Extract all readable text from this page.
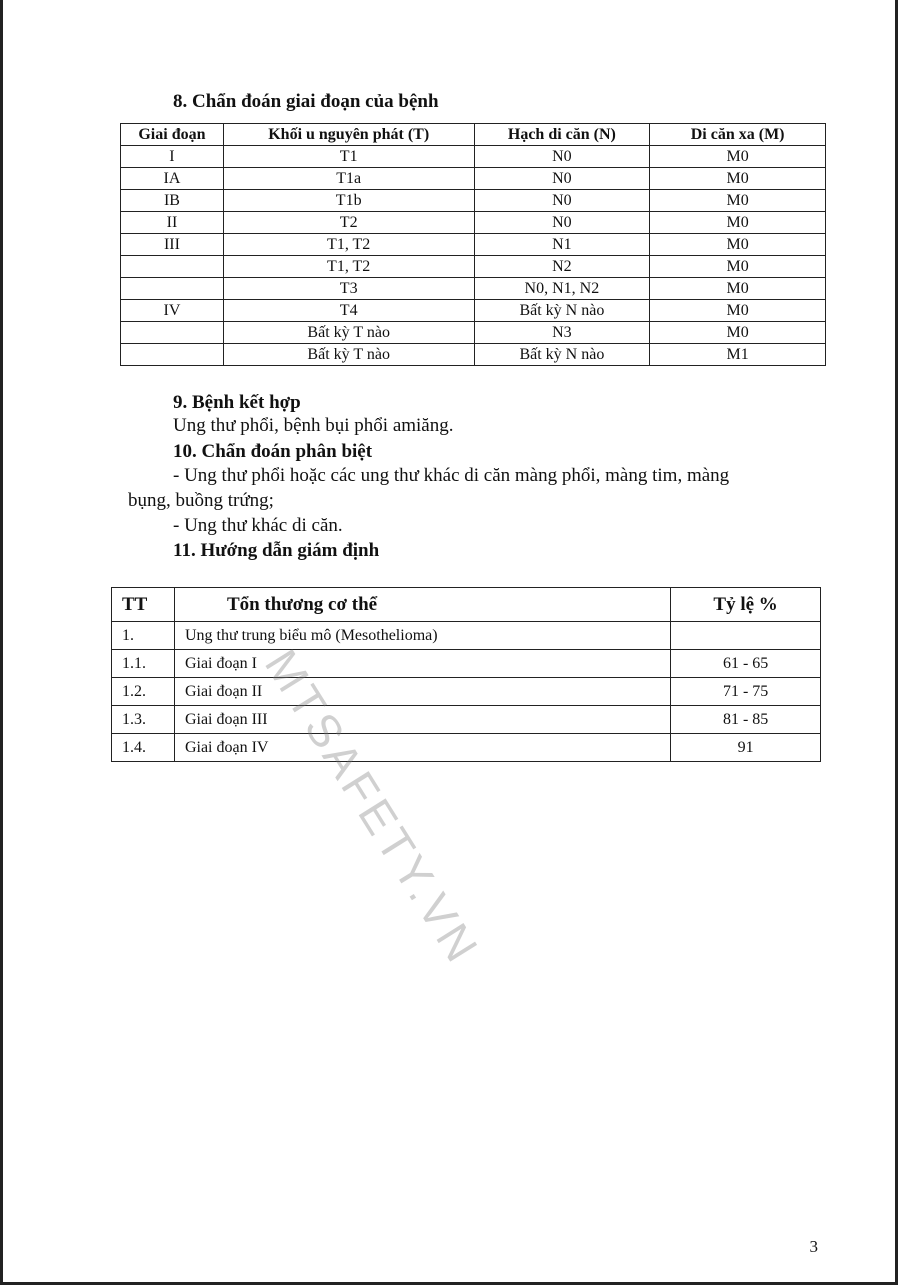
8. Chẩn đoán giai đoạn của bệnh
Giai đoạn	Khối u nguyên phát (T)	Hạch di căn (N)	Di căn xa (M)
I	T1	N0	M0
IA	T1a	N0	M0
IB	T1b	N0	M0
II	T2	N0	M0
III	T1, T2	N1	M0
	T1, T2	N2	M0
	T3	N0, N1, N2	M0
IV	T4	Bất kỳ N nào	M0
	Bất kỳ T nào	N3	M0
	Bất kỳ T nào	Bất kỳ N nào	M1
9. Bệnh kết hợp

Ung thư phổi, bệnh bụi phổi amiăng.

10. Chẩn đoán phân biệt

- Ung thư phổi hoặc các ung thư khác di căn màng phổi, màng tim, màng

bụng, buồng trứng;

- Ung thư khác di căn.

11. Hướng dẫn giám định
TT	Tổn thương cơ thể	Tỷ lệ %
1.	Ung thư trung biểu mô (Mesothelioma)	
1.1.	Giai đoạn I	61 - 65
1.2.	Giai đoạn II	71 - 75
1.3.	Giai đoạn III	81 - 85
1.4.	Giai đoạn IV	91
MTSAFETY.VN
3
